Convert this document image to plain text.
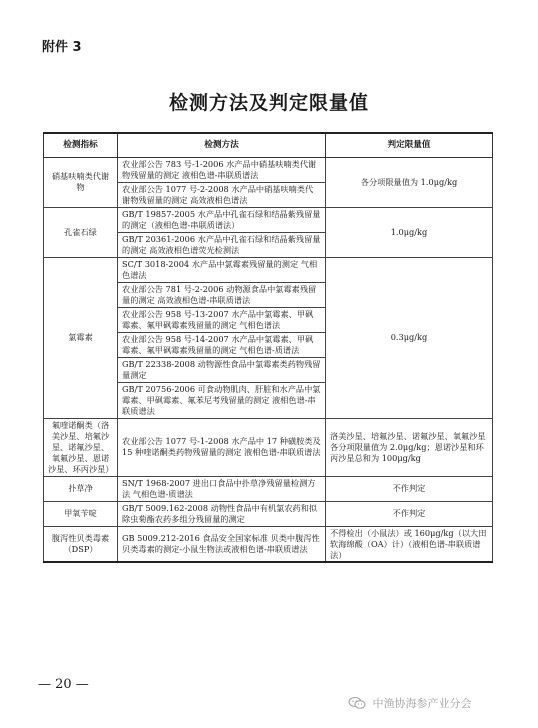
附件 3
检测方法及判定限量值
检测指标	检测方法	判定限量值
硝基呋喃类代谢物	农业部公告 783 号-1-2006 水产品中硝基呋喃类代谢物残留量的测定 液相色谱-串联质谱法	各分项限量值为 1.0μg/kg
	农业部公告 1077 号-2-2008 水产品中硝基呋喃类代谢物残留量的测定 高效液相色谱法	
孔雀石绿	GB/T 19857-2005 水产品中孔雀石绿和结晶紫残留量的测定（液相色谱-串联质谱法）	1.0μg/kg
	GB/T 20361-2006 水产品中孔雀石绿和结晶紫残留量的测定 高效液相色谱荧光检测法	
氯霉素	SC/T 3018-2004 水产品中氯霉素残留量的测定 气相色谱法	0.3μg/kg
	农业部公告 781 号-2-2006 动物源食品中氯霉素残留量的测定 高效液相色谱-串联质谱法	
	农业部公告 958 号-13-2007 水产品中氯霉素、甲砜霉素、氟甲砜霉素残留量的测定 气相色谱法	
	农业部公告 958 号-14-2007 水产品中氯霉素、甲砜霉素、氟甲砜霉素残留量的测定 气相色谱-质谱法	
	GB/T 22338-2008 动物源性食品中氯霉素类药物残留量测定	
	GB/T 20756-2006 可食动物肌肉、肝脏和水产品中氯霉素、甲砜霉素、氟苯尼考残留量的测定 液相色谱-串联质谱法	
氟喹诺酮类（洛美沙星、培氟沙星、诺氟沙星、氧氟沙星、恩诺沙星、环丙沙星）	农业部公告 1077 号-1-2008 水产品中 17 种磺胺类及 15 种喹诺酮类药物残留量的测定 液相色谱-串联质谱法	洛美沙星、培氟沙星、诺氟沙星、氧氟沙星各分项限量值为 2.0μg/kg；恩诺沙星和环丙沙星总和为 100μg/kg
扑草净	SN/T 1968-2007 进出口食品中扑草净残留量检测方法 气相色谱-质谱法	不作判定
甲氧苄啶	GB/T 5009.162-2008 动物性食品中有机氯农药和拟除虫菊酯农药多组分残留量的测定	不作判定
腹泻性贝类毒素（DSP）	GB 5009.212-2016 食品安全国家标准 贝类中腹泻性贝类毒素的测定-小鼠生物法或液相色谱-串联质谱法	不得检出（小鼠法）或 160μg/kg（以大田软海绵酸（OA）计）（液相色谱-串联质谱法）
— 20 —
中渔协海参产业分会
